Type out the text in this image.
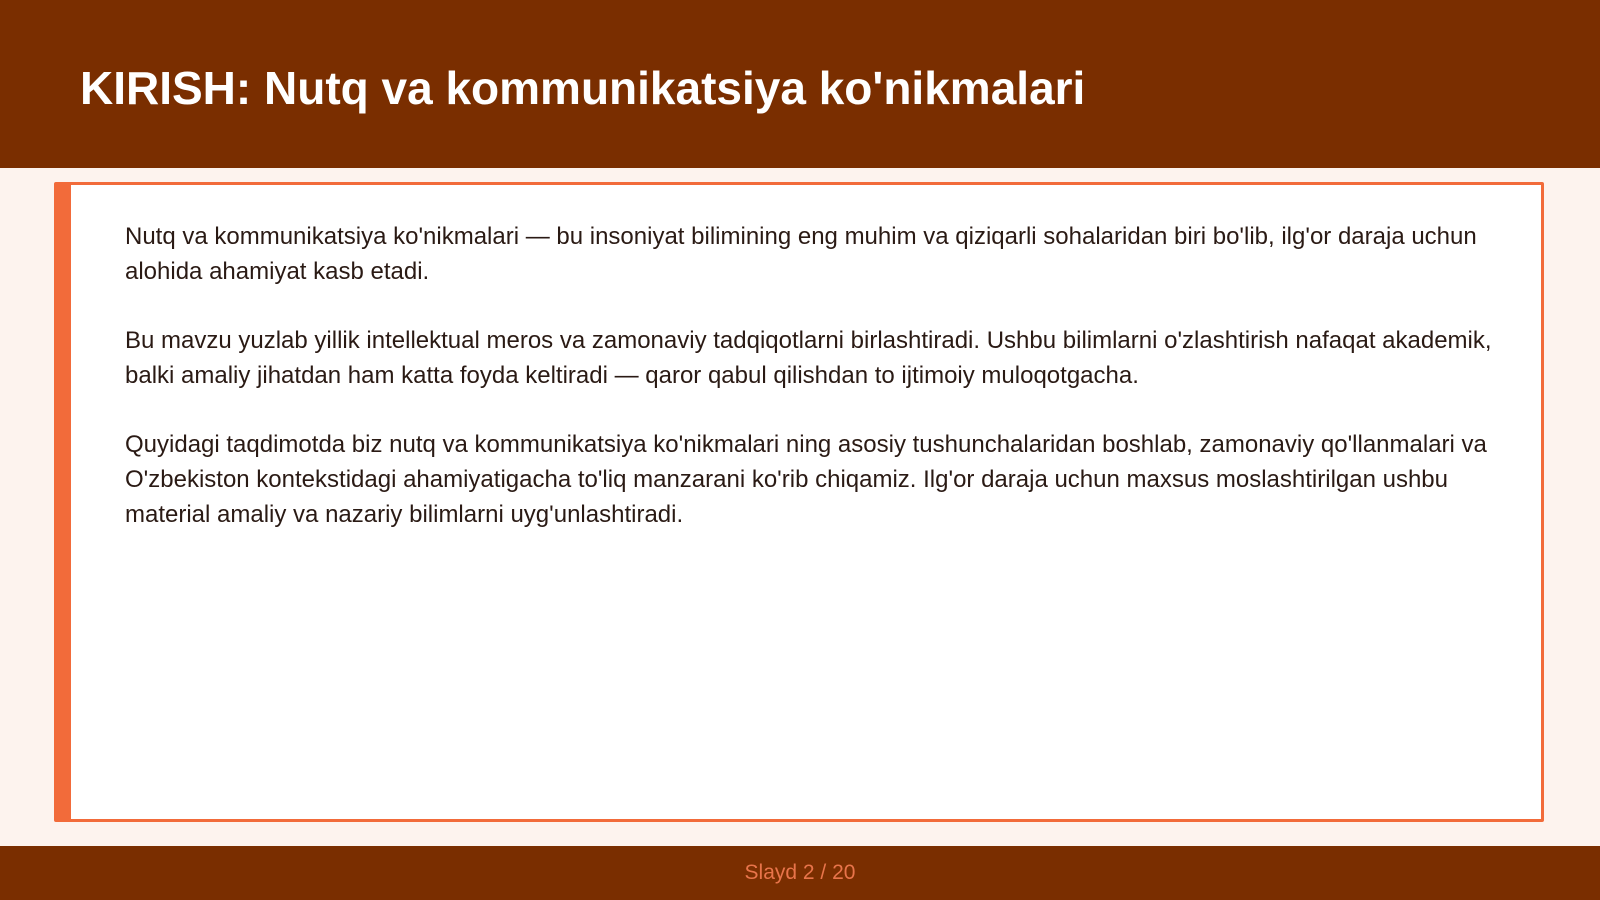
KIRISH: Nutq va kommunikatsiya ko'nikmalari

Nutq va kommunikatsiya ko'nikmalari — bu insoniyat bilimining eng muhim va qiziqarli sohalaridan biri bo'lib, ilg'or daraja uchun alohida ahamiyat kasb etadi.

Bu mavzu yuzlab yillik intellektual meros va zamonaviy tadqiqotlarni birlashtiradi. Ushbu bilimlarni o'zlashtirish nafaqat akademik, balki amaliy jihatdan ham katta foyda keltiradi — qaror qabul qilishdan to ijtimoiy muloqotgacha.

Quyidagi taqdimotda biz nutq va kommunikatsiya ko'nikmalari ning asosiy tushunchalaridan boshlab, zamonaviy qo'llanmalari va O'zbekiston kontekstidagi ahamiyatigacha to'liq manzarani ko'rib chiqamiz. Ilg'or daraja uchun maxsus moslashtirilgan ushbu material amaliy va nazariy bilimlarni uyg'unlashtiradi.

Slayd 2 / 20
